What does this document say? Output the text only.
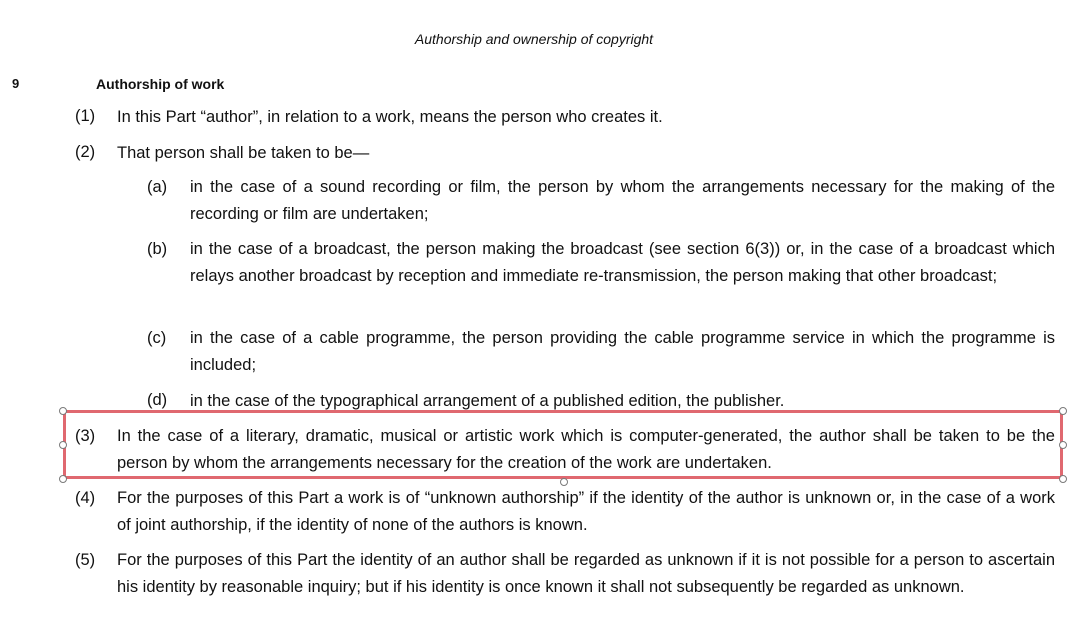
Authorship and ownership of copyright
9	Authorship of work
(1) In this Part “author”, in relation to a work, means the person who creates it.
(2) That person shall be taken to be—
(a) in the case of a sound recording or film, the person by whom the arrangements necessary for the making of the recording or film are undertaken;
(b) in the case of a broadcast, the person making the broadcast (see section 6(3)) or, in the case of a broadcast which relays another broadcast by reception and immediate re-transmission, the person making that other broadcast;
(c) in the case of a cable programme, the person providing the cable programme service in which the programme is included;
(d) in the case of the typographical arrangement of a published edition, the publisher.
(3) In the case of a literary, dramatic, musical or artistic work which is computer-generated, the author shall be taken to be the person by whom the arrangements necessary for the creation of the work are undertaken.
(4) For the purposes of this Part a work is of “unknown authorship” if the identity of the author is unknown or, in the case of a work of joint authorship, if the identity of none of the authors is known.
(5) For the purposes of this Part the identity of an author shall be regarded as unknown if it is not possible for a person to ascertain his identity by reasonable inquiry; but if his identity is once known it shall not subsequently be regarded as unknown.
